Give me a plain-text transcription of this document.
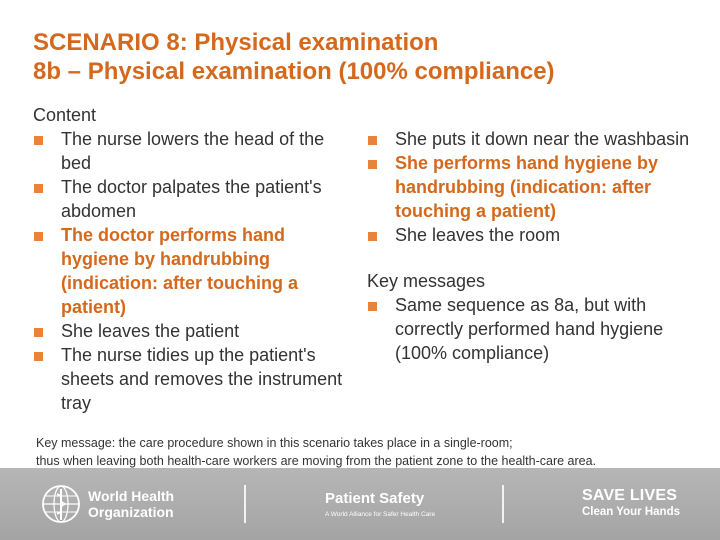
SCENARIO 8: Physical examination
8b – Physical examination (100% compliance)
Content
The nurse lowers the head of the bed
The doctor palpates the patient's abdomen
The doctor performs hand hygiene by handrubbing (indication: after touching a patient)
She leaves the patient
The nurse tidies up the patient's sheets and removes the instrument tray
She puts it down near the washbasin
She performs hand hygiene by handrubbing (indication: after touching a patient)
She leaves the room
Key messages
Same sequence as 8a, but with correctly performed hand hygiene (100% compliance)
Key message: the care procedure shown in this scenario takes place in a single-room;
thus when leaving both health-care workers are moving from the patient zone to the health-care area.
World Health
Organization
Patient Safety
A World Alliance for Safer Health Care
SAVE LIVES
Clean Your Hands
